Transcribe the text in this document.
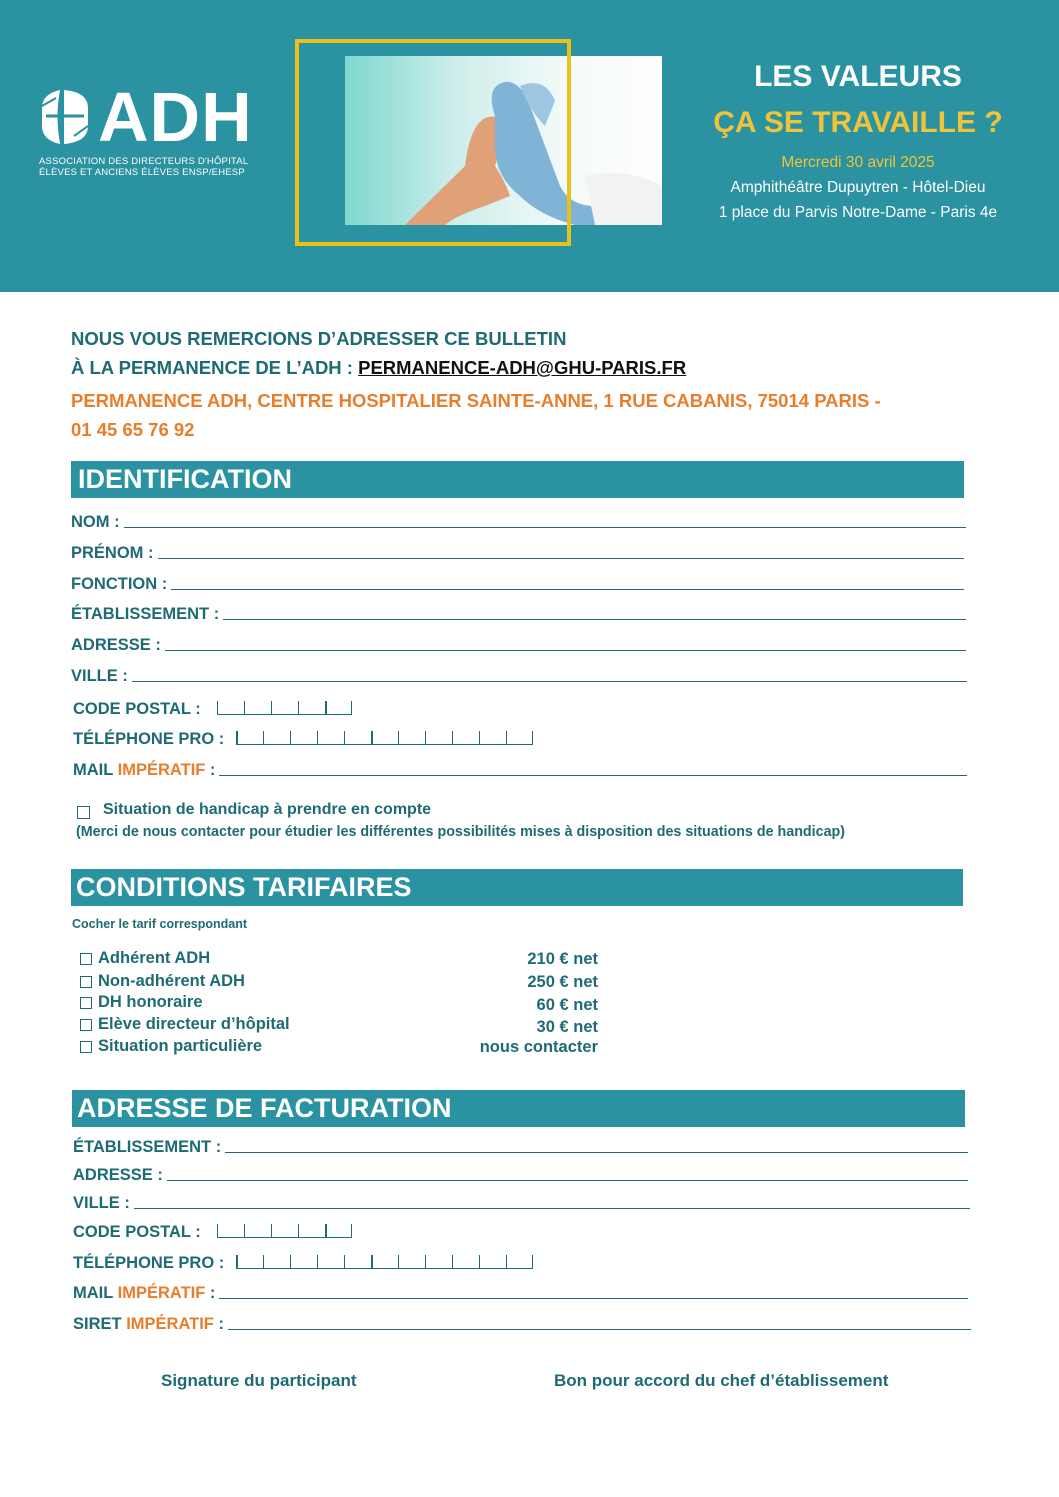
ADH
ASSOCIATION DES DIRECTEURS D'HÔPITAL
ÉLÈVES ET ANCIENS ÉLÈVES ENSP/EHESP
LES VALEURS
ÇA SE TRAVAILLE ?
Mercredi 30 avril 2025
Amphithéâtre Dupuytren - Hôtel-Dieu
1 place du Parvis Notre-Dame - Paris 4e
NOUS VOUS REMERCIONS D’ADRESSER CE BULLETIN
À LA PERMANENCE DE L’ADH : PERMANENCE-ADH@GHU-PARIS.FR
PERMANENCE ADH, CENTRE HOSPITALIER SAINTE-ANNE, 1 RUE CABANIS, 75014 PARIS -
01 45 65 76 92
IDENTIFICATION
NOM :
PRÉNOM :
FONCTION :
ÉTABLISSEMENT :
ADRESSE :
VILLE :
CODE POSTAL :
TÉLÉPHONE PRO :
MAIL IMPÉRATIF :
Situation de handicap à prendre en compte
(Merci de nous contacter pour étudier les différentes possibilités mises à disposition des situations de handicap)
CONDITIONS TARIFAIRES
Cocher le tarif correspondant
Adhérent ADH	210 € net
Non-adhérent ADH	250 € net
DH honoraire	60 € net
Elève directeur d’hôpital	30 € net
Situation particulière	nous contacter
ADRESSE DE FACTURATION
ÉTABLISSEMENT :
ADRESSE :
VILLE :
CODE POSTAL :
TÉLÉPHONE PRO :
MAIL IMPÉRATIF :
SIRET IMPÉRATIF :
Signature du participant	Bon pour accord du chef d’établissement
